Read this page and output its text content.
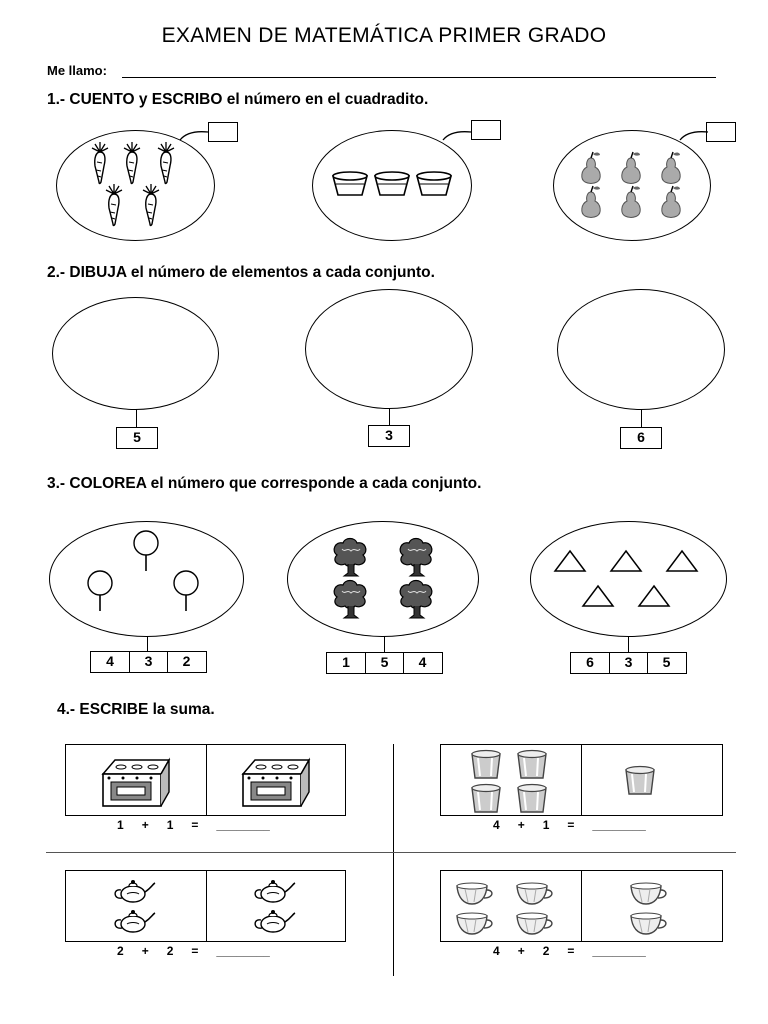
EXAMEN DE MATEMÁTICA PRIMER GRADO
Me llamo:
1.- CUENTO y ESCRIBO el número en el cuadradito.
2.- DIBUJA el número de elementos a cada conjunto.
5	3	6
3.- COLOREA el número que corresponde a cada conjunto.
4	3	2	1	5	4	6	3	5
4.- ESCRIBE la suma.
1 + 1 = ________	4 + 1 = ________
2 + 2 = ________	4 + 2 = ________
